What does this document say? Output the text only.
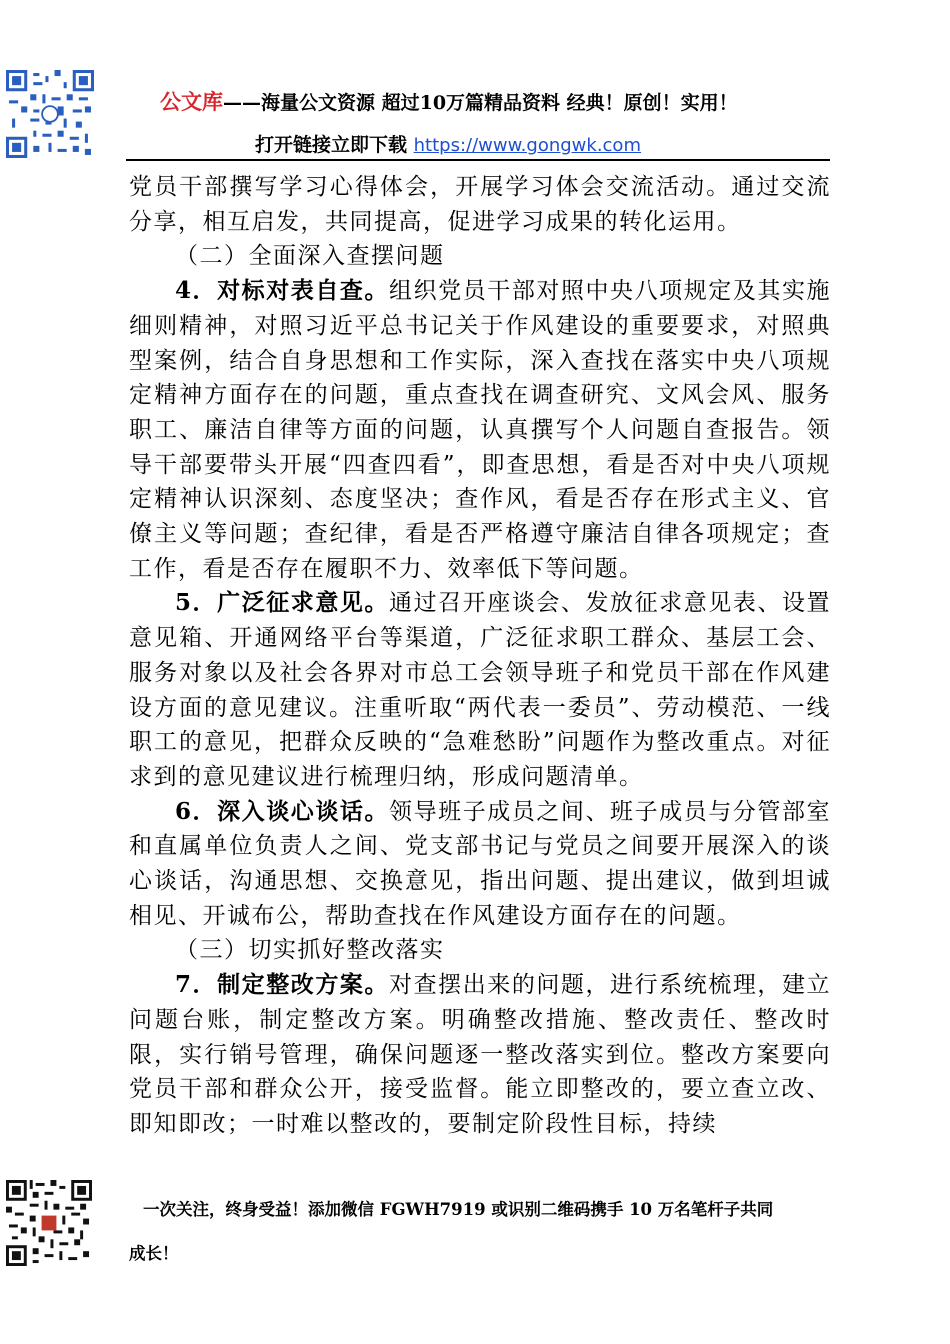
公文库——海量公文资源 超过10万篇精品资料 经典！原创！实用！
打开链接立即下载 https://www.gongwk.com

党员干部撰写学习心得体会，开展学习体会交流活动。通过交流分享，相互启发，共同提高，促进学习成果的转化运用。

（二）全面深入查摆问题

4．对标对表自查。组织党员干部对照中央八项规定及其实施细则精神，对照习近平总书记关于作风建设的重要要求，对照典型案例，结合自身思想和工作实际，深入查找在落实中央八项规定精神方面存在的问题，重点查找在调查研究、文风会风、服务职工、廉洁自律等方面的问题，认真撰写个人问题自查报告。领导干部要带头开展“四查四看”，即查思想，看是否对中央八项规定精神认识深刻、态度坚决；查作风，看是否存在形式主义、官僚主义等问题；查纪律，看是否严格遵守廉洁自律各项规定；查工作，看是否存在履职不力、效率低下等问题。

5．广泛征求意见。通过召开座谈会、发放征求意见表、设置意见箱、开通网络平台等渠道，广泛征求职工群众、基层工会、服务对象以及社会各界对市总工会领导班子和党员干部在作风建设方面的意见建议。注重听取“两代表一委员”、劳动模范、一线职工的意见，把群众反映的“急难愁盼”问题作为整改重点。对征求到的意见建议进行梳理归纳，形成问题清单。

6．深入谈心谈话。领导班子成员之间、班子成员与分管部室和直属单位负责人之间、党支部书记与党员之间要开展深入的谈心谈话，沟通思想、交换意见，指出问题、提出建议，做到坦诚相见、开诚布公，帮助查找在作风建设方面存在的问题。

（三）切实抓好整改落实

7．制定整改方案。对查摆出来的问题，进行系统梳理，建立问题台账，制定整改方案。明确整改措施、整改责任、整改时限，实行销号管理，确保问题逐一整改落实到位。整改方案要向党员干部和群众公开，接受监督。能立即整改的，要立查立改、即知即改；一时难以整改的，要制定阶段性目标，持续

一次关注，终身受益！添加微信 FGWH7919 或识别二维码携手 10 万名笔杆子共同
成长！
